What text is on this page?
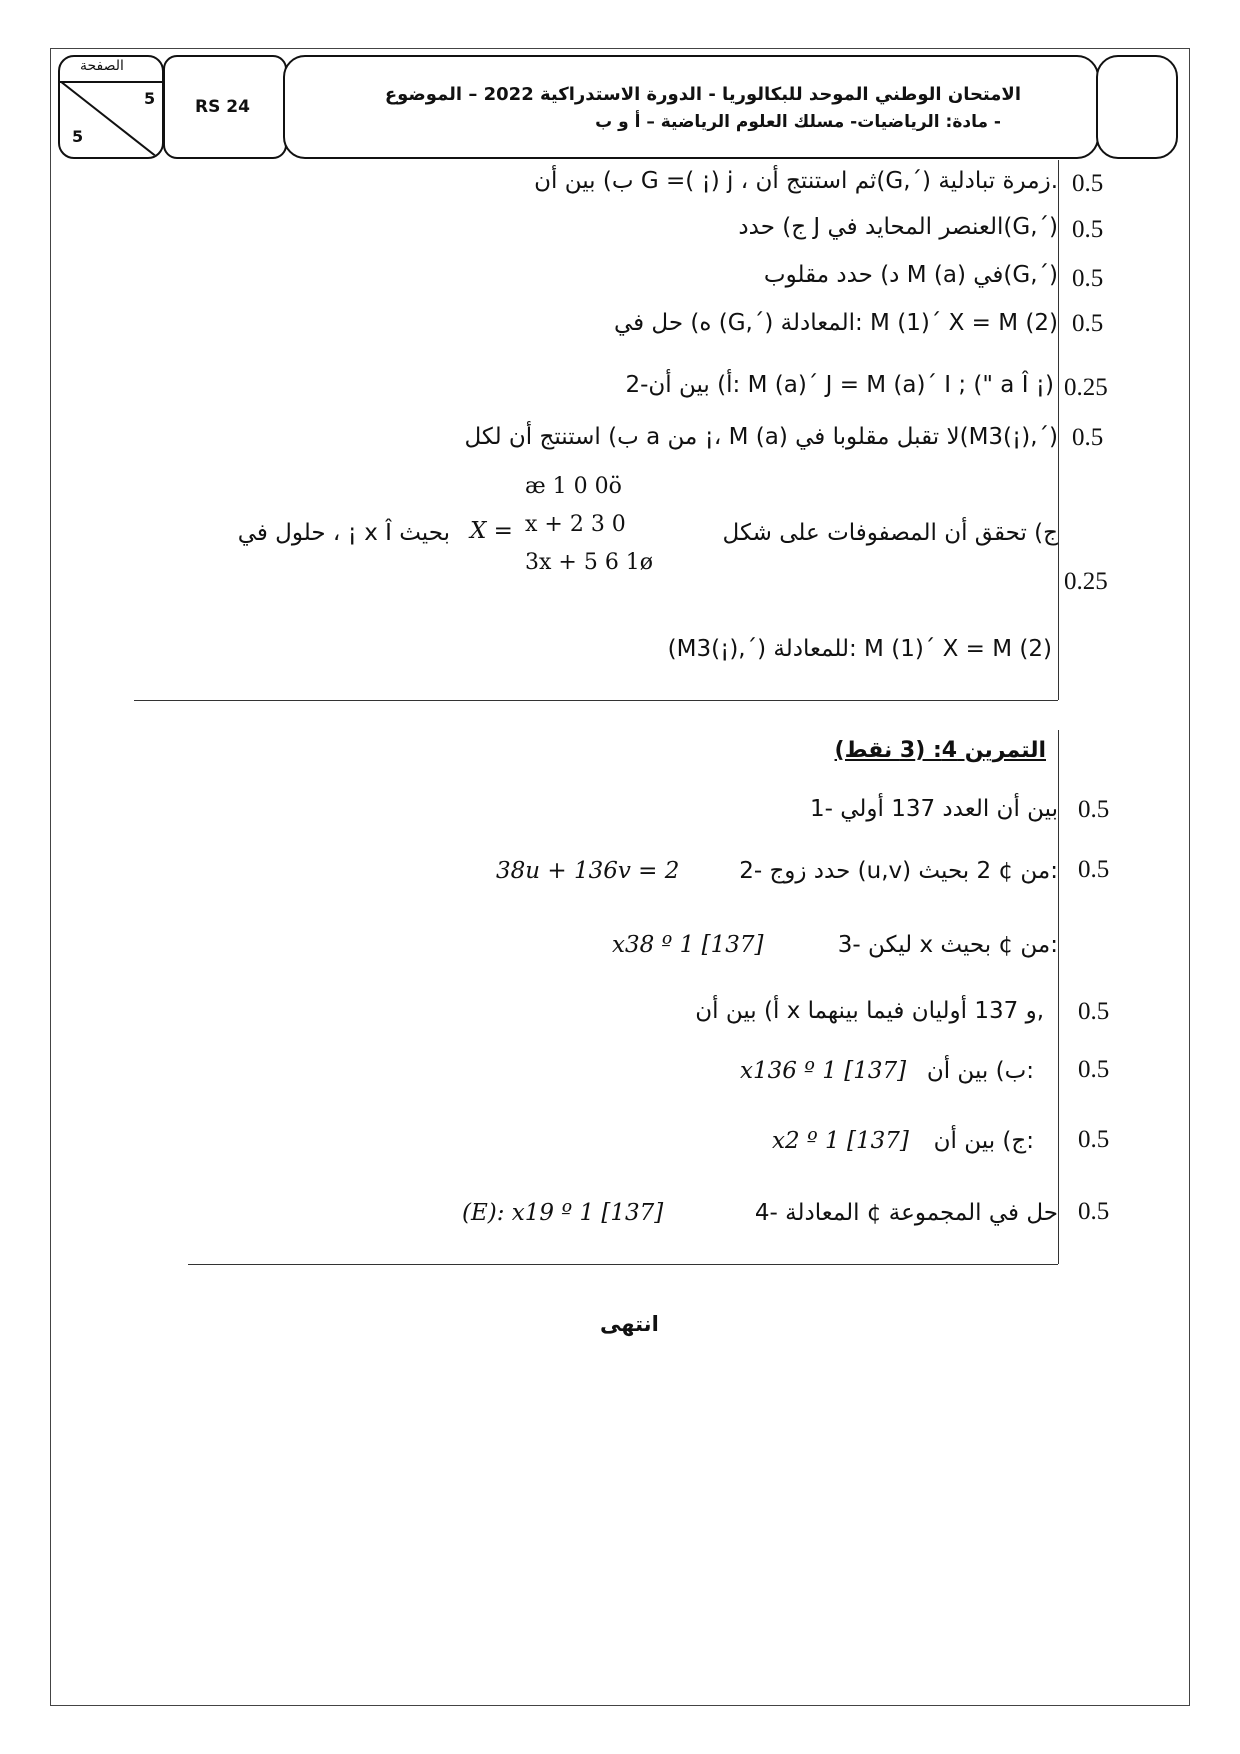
الصفحة
5
5
RS 24
الامتحان الوطني الموحد للبكالوريا - الدورة الاستدراكية 2022 – الموضوع
- مادة: الرياضيات- مسلك العلوم الرياضية – أ و ب
0.5
ب) بين أن G =( ¡) j ، ثم استنتج أن(G,´) زمرة تبادلية.
0.5
ج) حدد J العنصر المحايد في(G,´)
0.5
د) حدد مقلوب M (a) في(G,´)
0.5
ه) حل في (G,´) المعادلة: M (1)´ X = M (2)
0.25
2-أ) بين أن: M (a)´ J = M (a)´ I ; (" a Î ¡)
0.5
ب) استنتج أن لكل a من ¡، M (a) لا تقبل مقلوبا في(M3(¡),´)
0.25
ج) تحقق أن المصفوفات على شكل
æ 1 0 0ö
x + 2 3 0
3x + 5 6 1ø
X =
بحيث x Î ¡ ، حلول في
(M3(¡),´) للمعادلة: M (1)´ X = M (2)
التمرين 4: (3 نقط)
0.5
1- بين أن العدد 137 أولي
0.5
2- حدد زوج (u,v) من ¢ 2 بحيث:
38u + 136v = 2
3- ليكن x من ¢ بحيث:
x38 º 1 [137]
0.5
أ) بين أن x و 137 أوليان فيما بينهما,
0.5
ب) بين أن:
x136 º 1 [137]
0.5
ج) بين أن:
x2 º 1 [137]
0.5
4- حل في المجموعة ¢ المعادلة
(E): x19 º 1 [137]
انتهى
